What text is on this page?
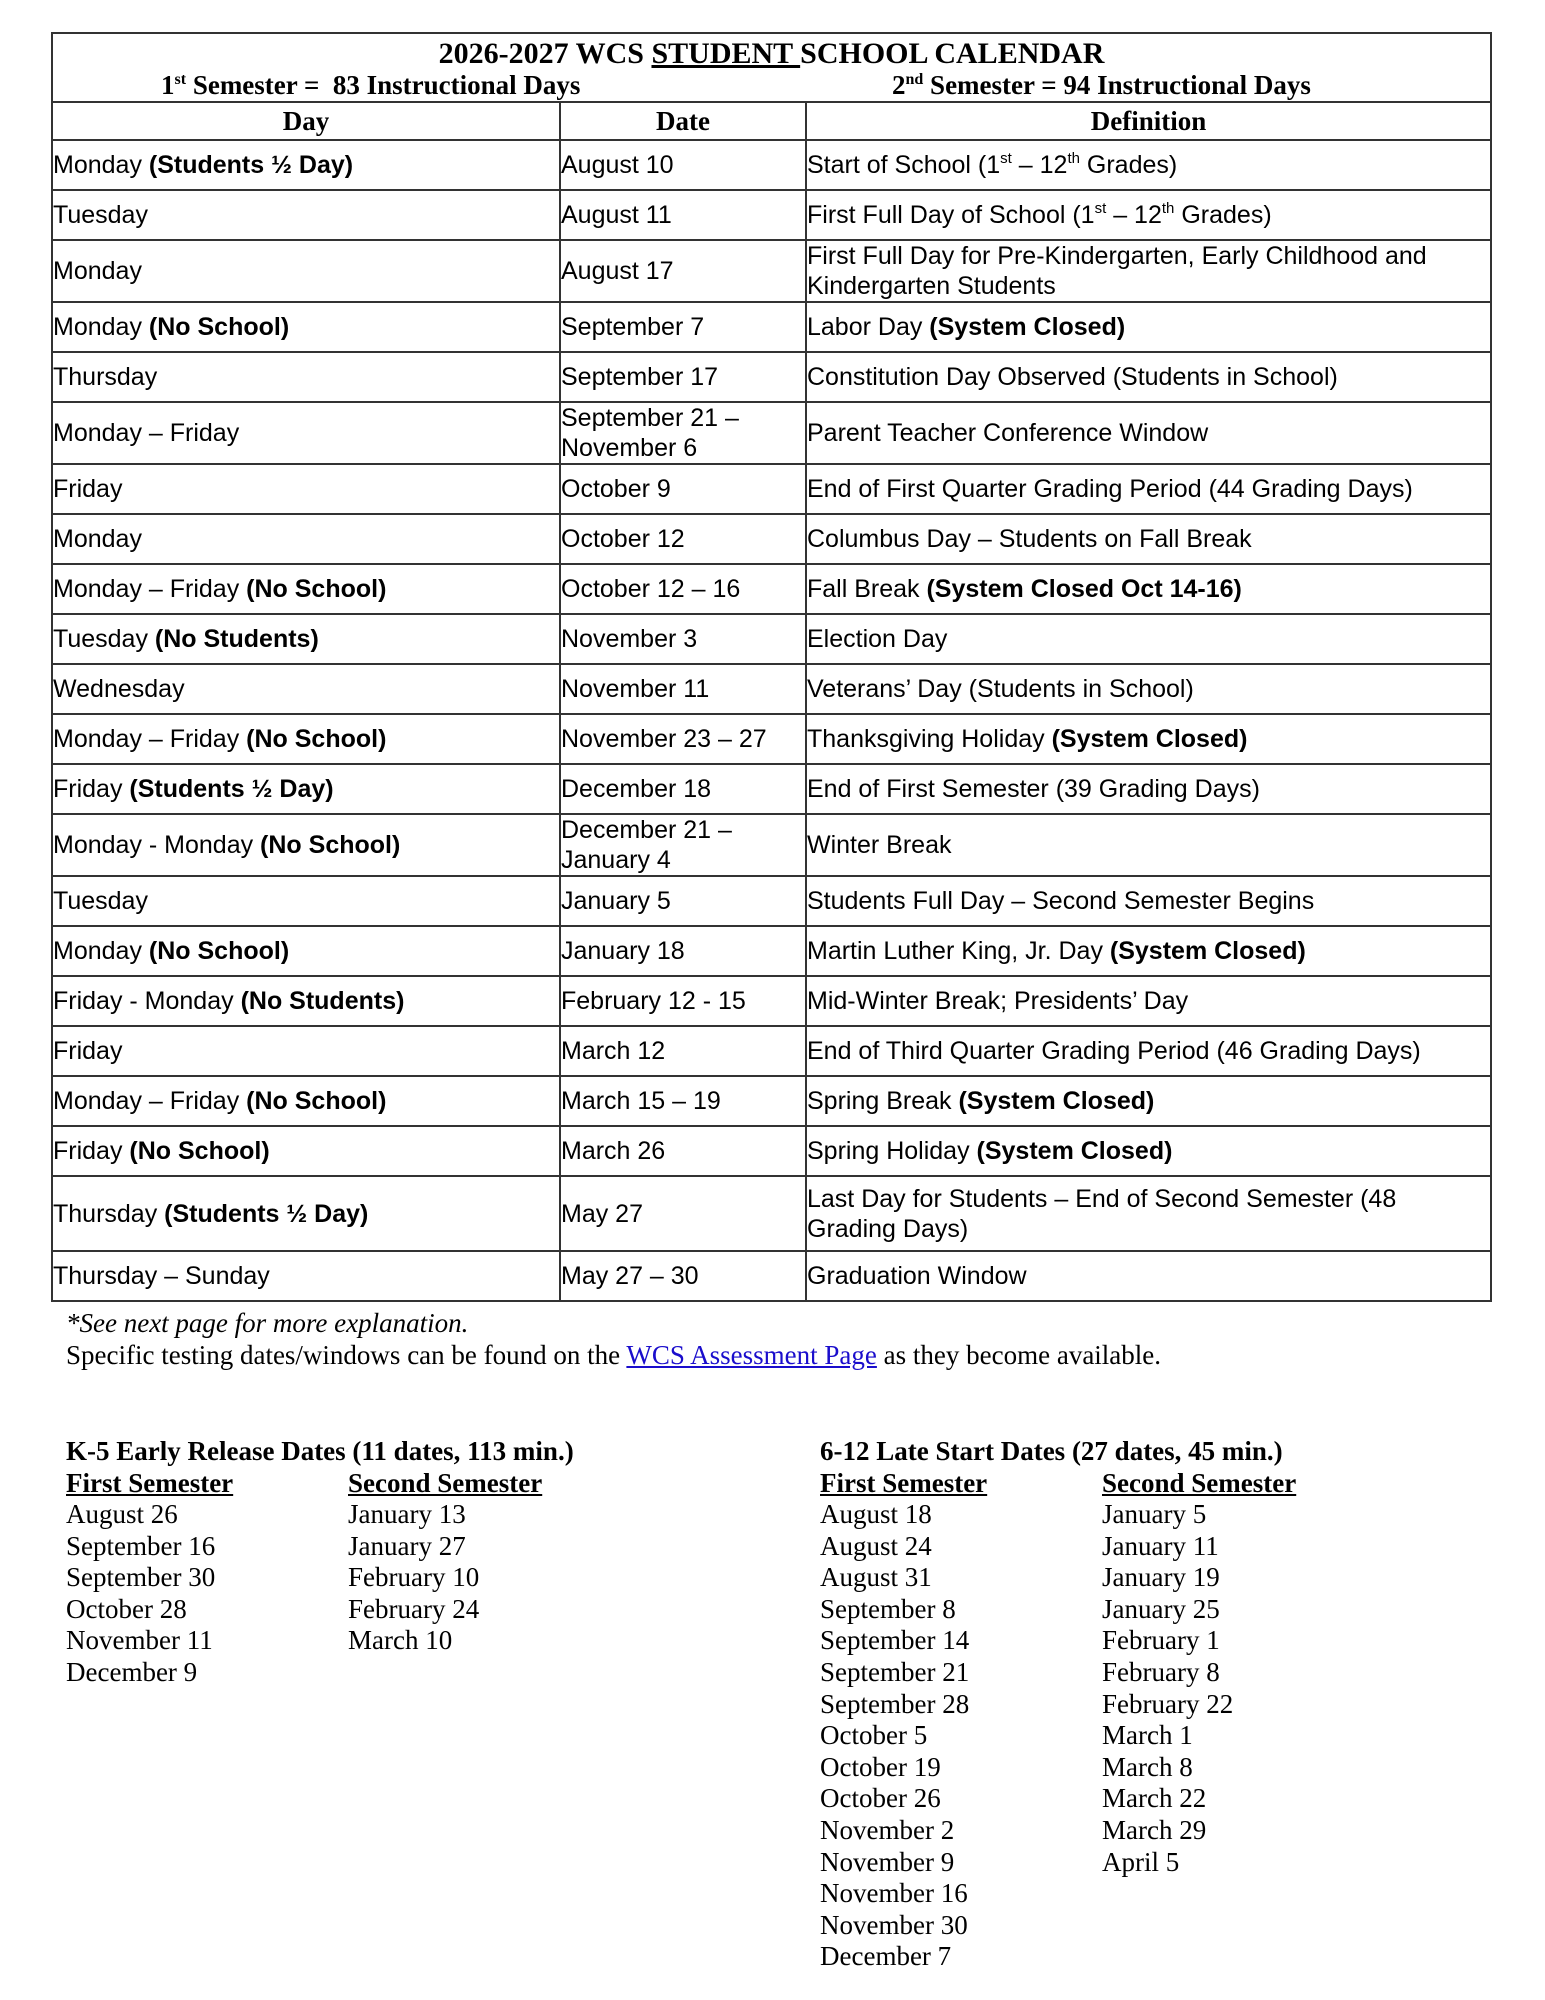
2026-2027 WCS STUDENT SCHOOL CALENDAR
1st Semester =  83 Instructional Days 2nd Semester = 94 Instructional Days		

Day	Date	Definition
Monday (Students ½ Day)	August 10	Start of School (1st – 12th Grades)
Tuesday	August 11	First Full Day of School (1st – 12th Grades)
Monday	August 17	First Full Day for Pre-Kindergarten, Early Childhood and Kindergarten Students
Monday (No School)	September 7	Labor Day (System Closed)
Thursday	September 17	Constitution Day Observed (Students in School)
Monday – Friday	September 21 – November 6	Parent Teacher Conference Window
Friday	October 9	End of First Quarter Grading Period (44 Grading Days)
Monday	October 12	Columbus Day – Students on Fall Break
Monday – Friday (No School)	October 12 – 16	Fall Break (System Closed Oct 14-16)
Tuesday (No Students)	November 3	Election Day
Wednesday	November 11	Veterans’ Day (Students in School)
Monday – Friday (No School)	November 23 – 27	Thanksgiving Holiday (System Closed)
Friday (Students ½ Day)	December 18	End of First Semester (39 Grading Days)
Monday - Monday (No School)	December 21 – January 4	Winter Break
Tuesday	January 5	Students Full Day – Second Semester Begins
Monday (No School)	January 18	Martin Luther King, Jr. Day (System Closed)
Friday - Monday (No Students)	February 12 - 15	Mid-Winter Break; Presidents’ Day
Friday	March 12	End of Third Quarter Grading Period (46 Grading Days)
Monday – Friday (No School)	March 15 – 19	Spring Break (System Closed)
Friday (No School)	March 26	Spring Holiday (System Closed)
Thursday (Students ½ Day)	May 27	Last Day for Students – End of Second Semester (48 Grading Days)
Thursday – Sunday	May 27 – 30	Graduation Window
*See next page for more explanation.
Specific testing dates/windows can be found on the WCS Assessment Page as they become available.
K-5 Early Release Dates (11 dates, 113 min.)
First Semester
August 26
September 16
September 30
October 28
November 11
December 9
Second Semester
January 13
January 27
February 10
February 24
March 10
6-12 Late Start Dates (27 dates, 45 min.)
First Semester
August 18
August 24
August 31
September 8
September 14
September 21
September 28
October 5
October 19
October 26
November 2
November 9
November 16
November 30
December 7
Second Semester
January 5
January 11
January 19
January 25
February 1
February 8
February 22
March 1
March 8
March 22
March 29
April 5
